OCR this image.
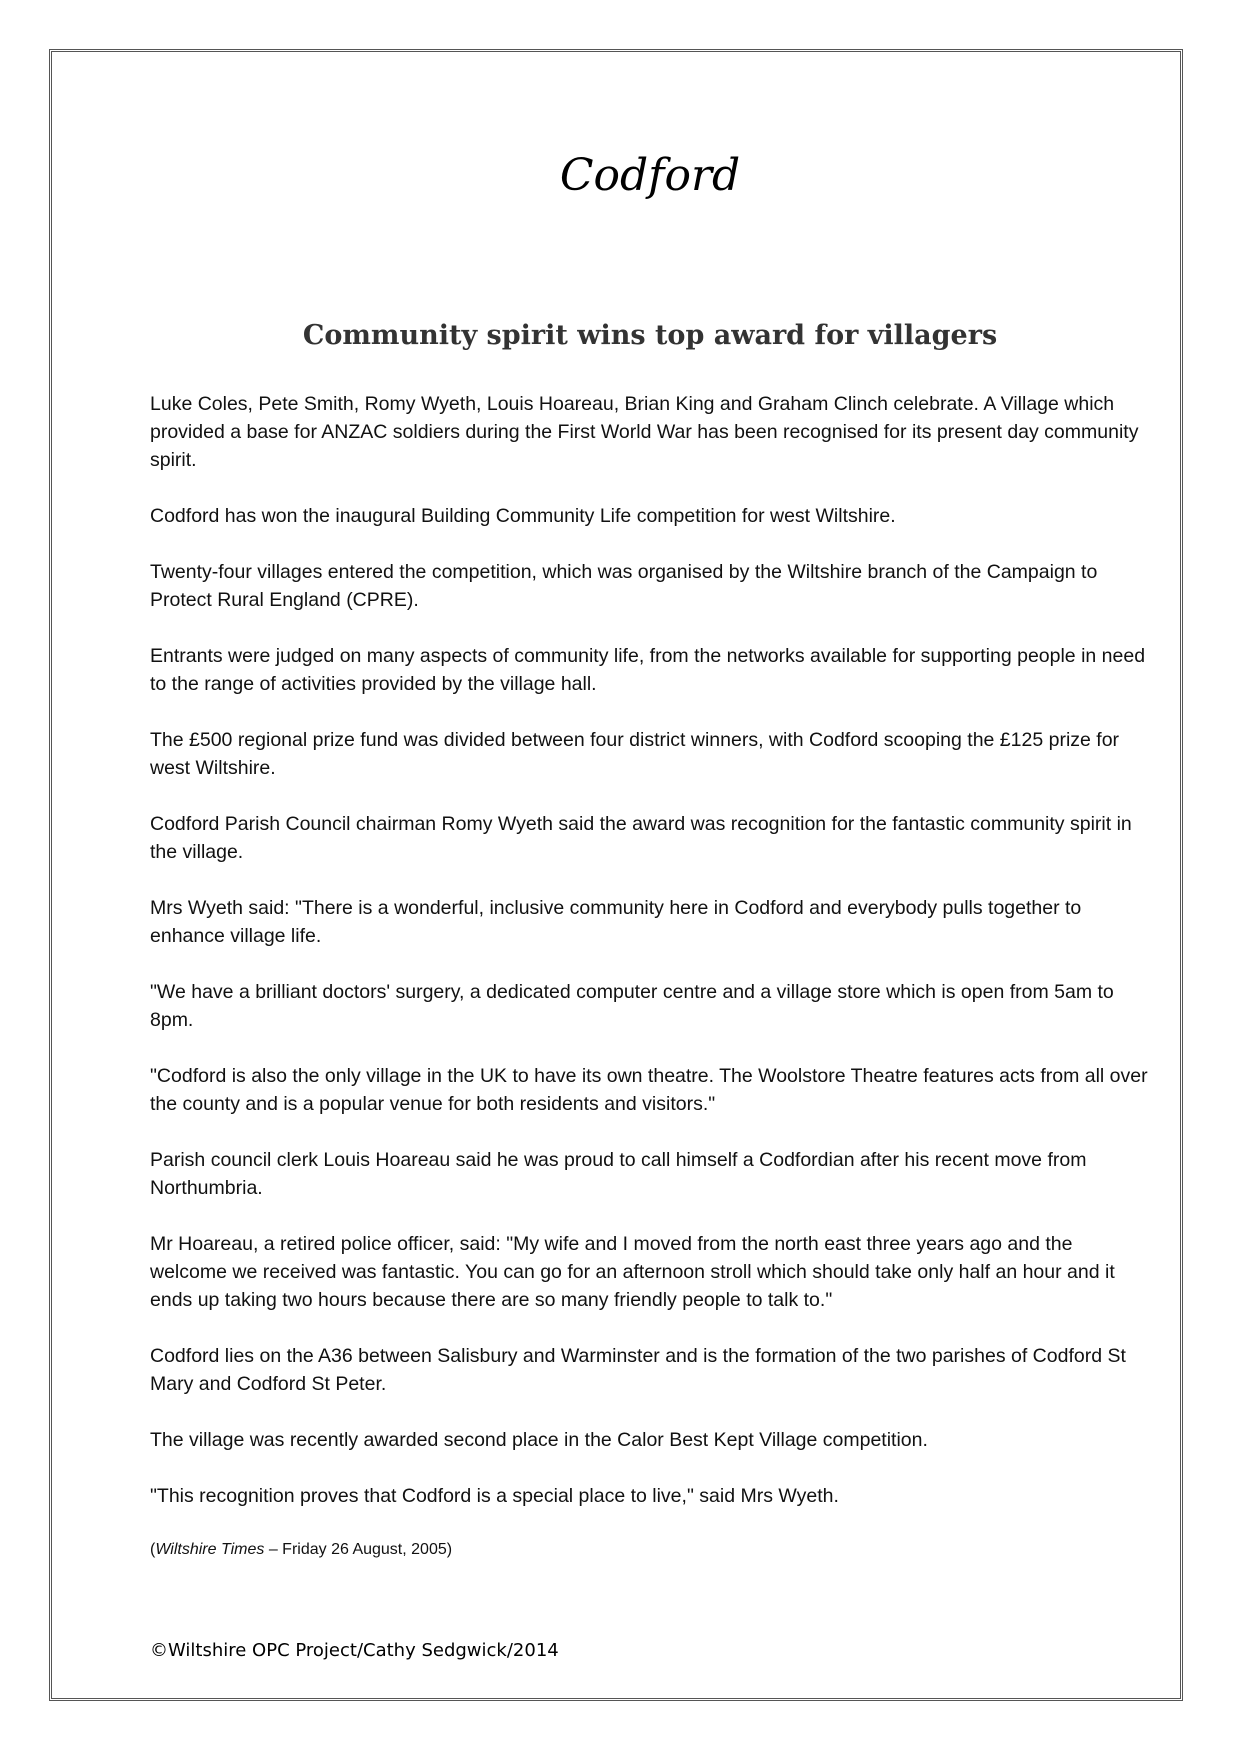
Codford
Community spirit wins top award for villagers

Luke Coles, Pete Smith, Romy Wyeth, Louis Hoareau, Brian King and Graham Clinch celebrate. A Village which provided a base for ANZAC soldiers during the First World War has been recognised for its present day community spirit.

Codford has won the inaugural Building Community Life competition for west Wiltshire.

Twenty-four villages entered the competition, which was organised by the Wiltshire branch of the Campaign to Protect Rural England (CPRE).

Entrants were judged on many aspects of community life, from the networks available for supporting people in need to the range of activities provided by the village hall.

The £500 regional prize fund was divided between four district winners, with Codford scooping the £125 prize for west Wiltshire.

Codford Parish Council chairman Romy Wyeth said the award was recognition for the fantastic community spirit in the village.

Mrs Wyeth said: "There is a wonderful, inclusive community here in Codford and everybody pulls together to enhance village life.

"We have a brilliant doctors' surgery, a dedicated computer centre and a village store which is open from 5am to 8pm.

"Codford is also the only village in the UK to have its own theatre. The Woolstore Theatre features acts from all over the county and is a popular venue for both residents and visitors."

Parish council clerk Louis Hoareau said he was proud to call himself a Codfordian after his recent move from Northumbria.

Mr Hoareau, a retired police officer, said: "My wife and I moved from the north east three years ago and the welcome we received was fantastic. You can go for an afternoon stroll which should take only half an hour and it ends up taking two hours because there are so many friendly people to talk to."

Codford lies on the A36 between Salisbury and Warminster and is the formation of the two parishes of Codford St Mary and Codford St Peter.

The village was recently awarded second place in the Calor Best Kept Village competition.

"This recognition proves that Codford is a special place to live," said Mrs Wyeth.

(Wiltshire Times – Friday 26 August, 2005)

©Wiltshire OPC Project/Cathy Sedgwick/2014
